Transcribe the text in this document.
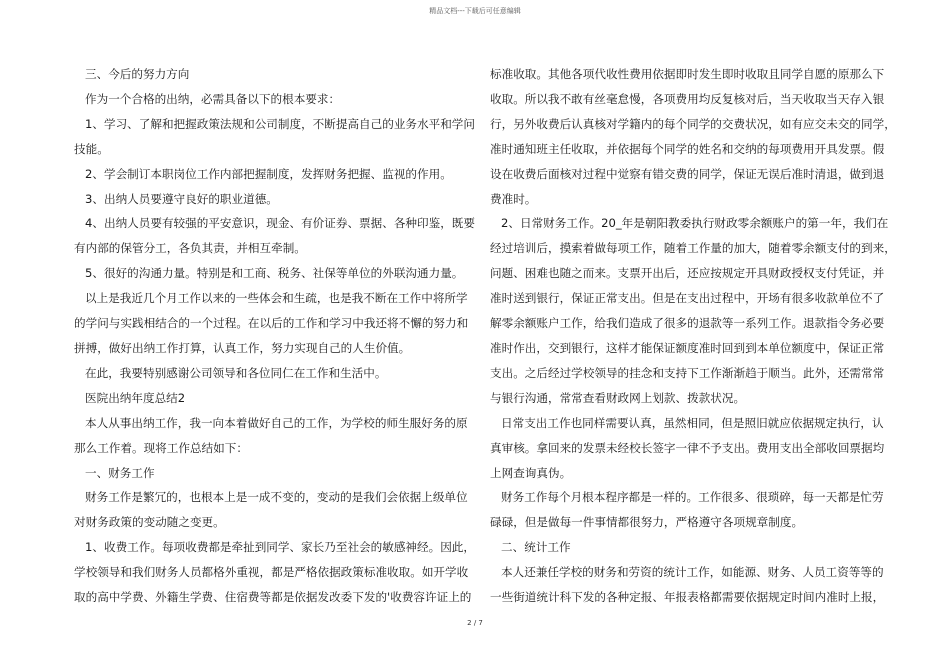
精品文档---下载后可任意编辑

三、今后的努力方向

作为一个合格的出纳，必需具备以下的根本要求：

1、学习、了解和把握政策法规和公司制度，不断提高自己的业务水平和学问

技能。

2、学会制订本职岗位工作内部把握制度，发挥财务把握、监视的作用。

3、出纳人员要遵守良好的职业道德。

4、出纳人员要有较强的平安意识，现金、有价证券、票据、各种印鉴，既要

有内部的保管分工，各负其责，并相互牵制。

5、很好的沟通力量。特别是和工商、税务、社保等单位的外联沟通力量。

以上是我近几个月工作以来的一些体会和生疏，也是我不断在工作中将所学

的学问与实践相结合的一个过程。在以后的工作和学习中我还将不懈的努力和

拼搏，做好出纳工作打算，认真工作，努力实现自己的人生价值。

在此，我要特别感谢公司领导和各位同仁在工作和生活中。

医院出纳年度总结2

本人从事出纳工作，我一向本着做好自己的工作，为学校的师生服好务的原

那么工作着。现将工作总结如下：

一、财务工作

财务工作是繁冗的，也根本上是一成不变的，变动的是我们会依据上级单位

对财务政策的变动随之变更。

1、收费工作。每项收费都是牵扯到同学、家长乃至社会的敏感神经。因此，

学校领导和我们财务人员都格外重视，都是严格依据政策标准收取。如开学收

取的高中学费、外籍生学费、住宿费等都是依据发改委下发的'收费容许证上的

标准收取。其他各项代收性费用依据即时发生即时收取且同学自愿的原那么下

收取。所以我不敢有丝毫怠慢，各项费用均反复核对后，当天收取当天存入银

行，另外收费后认真核对学籍内的每个同学的交费状况，如有应交未交的同学，

准时通知班主任收取，并依据每个同学的姓名和交纳的每项费用开具发票。假

设在收费后面核对过程中觉察有错交费的同学，保证无误后准时清退，做到退

费准时。

2、日常财务工作。20_年是朝阳教委执行财政零余额账户的第一年，我们在

经过培训后，摸索着做每项工作，随着工作量的加大，随着零余额支付的到来，

问题、困难也随之而来。支票开出后，还应按规定开具财政授权支付凭证，并

准时送到银行，保证正常支出。但是在支出过程中，开场有很多收款单位不了

解零余额账户工作，给我们造成了很多的退款等一系列工作。退款指令务必要

准时作出，交到银行，这样才能保证额度准时回到到本单位额度中，保证正常

支出。之后经过学校领导的挂念和支持下工作渐渐趋于顺当。此外，还需常常

与银行沟通，常常查看财政网上划款、拨款状况。

日常支出工作也同样需要认真，虽然相同，但是照旧就应依据规定执行，认

真审核。拿回来的发票未经校长签字一律不予支出。费用支出全部收回票据均

上网查询真伪。

财务工作每个月根本程序都是一样的。工作很多、很琐碎，每一天都是忙劳

碌碌，但是做每一件事情都很努力，严格遵守各项规章制度。

二、统计工作

本人还兼任学校的财务和劳资的统计工作，如能源、财务、人员工资等等的

一些街道统计科下发的各种定报、年报表格都需要依据规定时间内准时上报，

2 / 7
